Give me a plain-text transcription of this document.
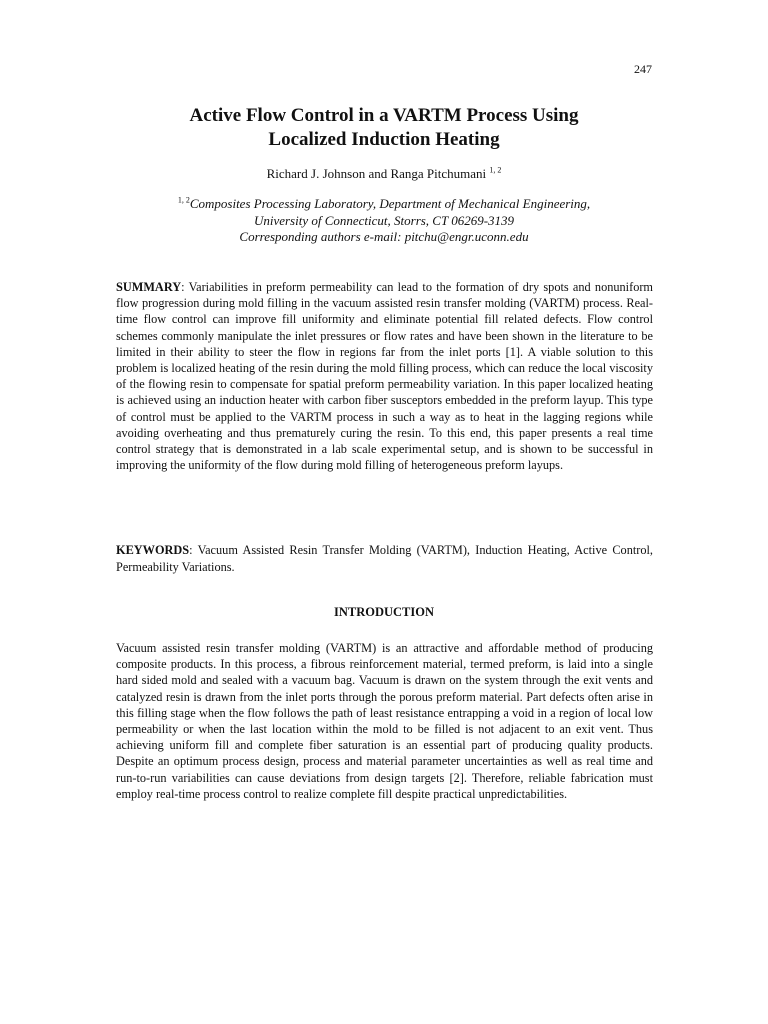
247
Active Flow Control in a VARTM Process Using
Localized Induction Heating
Richard J. Johnson and Ranga Pitchumani $^{1, 2}$
$^{1, 2}$Composites Processing Laboratory, Department of Mechanical Engineering,
University of Connecticut, Storrs, CT 06269-3139
Corresponding authors e-mail: pitchu@engr.uconn.edu

SUMMARY: Variabilities in preform permeability can lead to the formation of dry spots and nonuniform flow progression during mold filling in the vacuum assisted resin transfer molding (VARTM) process. Real-time flow control can improve fill uniformity and eliminate potential fill related defects. Flow control schemes commonly manipulate the inlet pressures or flow rates and have been shown in the literature to be limited in their ability to steer the flow in regions far from the inlet ports [1]. A viable solution to this problem is localized heating of the resin during the mold filling process, which can reduce the local viscosity of the flowing resin to compensate for spatial preform permeability variation. In this paper localized heating is achieved using an induction heater with carbon fiber susceptors embedded in the preform layup. This type of control must be applied to the VARTM process in such a way as to heat in the lagging regions while avoiding overheating and thus prematurely curing the resin. To this end, this paper presents a real time control strategy that is demonstrated in a lab scale experimental setup, and is shown to be successful in improving the uniformity of the flow during mold filling of heterogeneous preform layups.

KEYWORDS: Vacuum Assisted Resin Transfer Molding (VARTM), Induction Heating, Active Control, Permeability Variations.

INTRODUCTION

Vacuum assisted resin transfer molding (VARTM) is an attractive and affordable method of producing composite products. In this process, a fibrous reinforcement material, termed preform, is laid into a single hard sided mold and sealed with a vacuum bag. Vacuum is drawn on the system through the exit vents and catalyzed resin is drawn from the inlet ports through the porous preform material. Part defects often arise in this filling stage when the flow follows the path of least resistance entrapping a void in a region of local low permeability or when the last location within the mold to be filled is not adjacent to an exit vent. Thus achieving uniform fill and complete fiber saturation is an essential part of producing quality products. Despite an optimum process design, process and material parameter uncertainties as well as real time and run-to-run variabilities can cause deviations from design targets [2]. Therefore, reliable fabrication must employ real-time process control to realize complete fill despite practical unpredictabilities.
